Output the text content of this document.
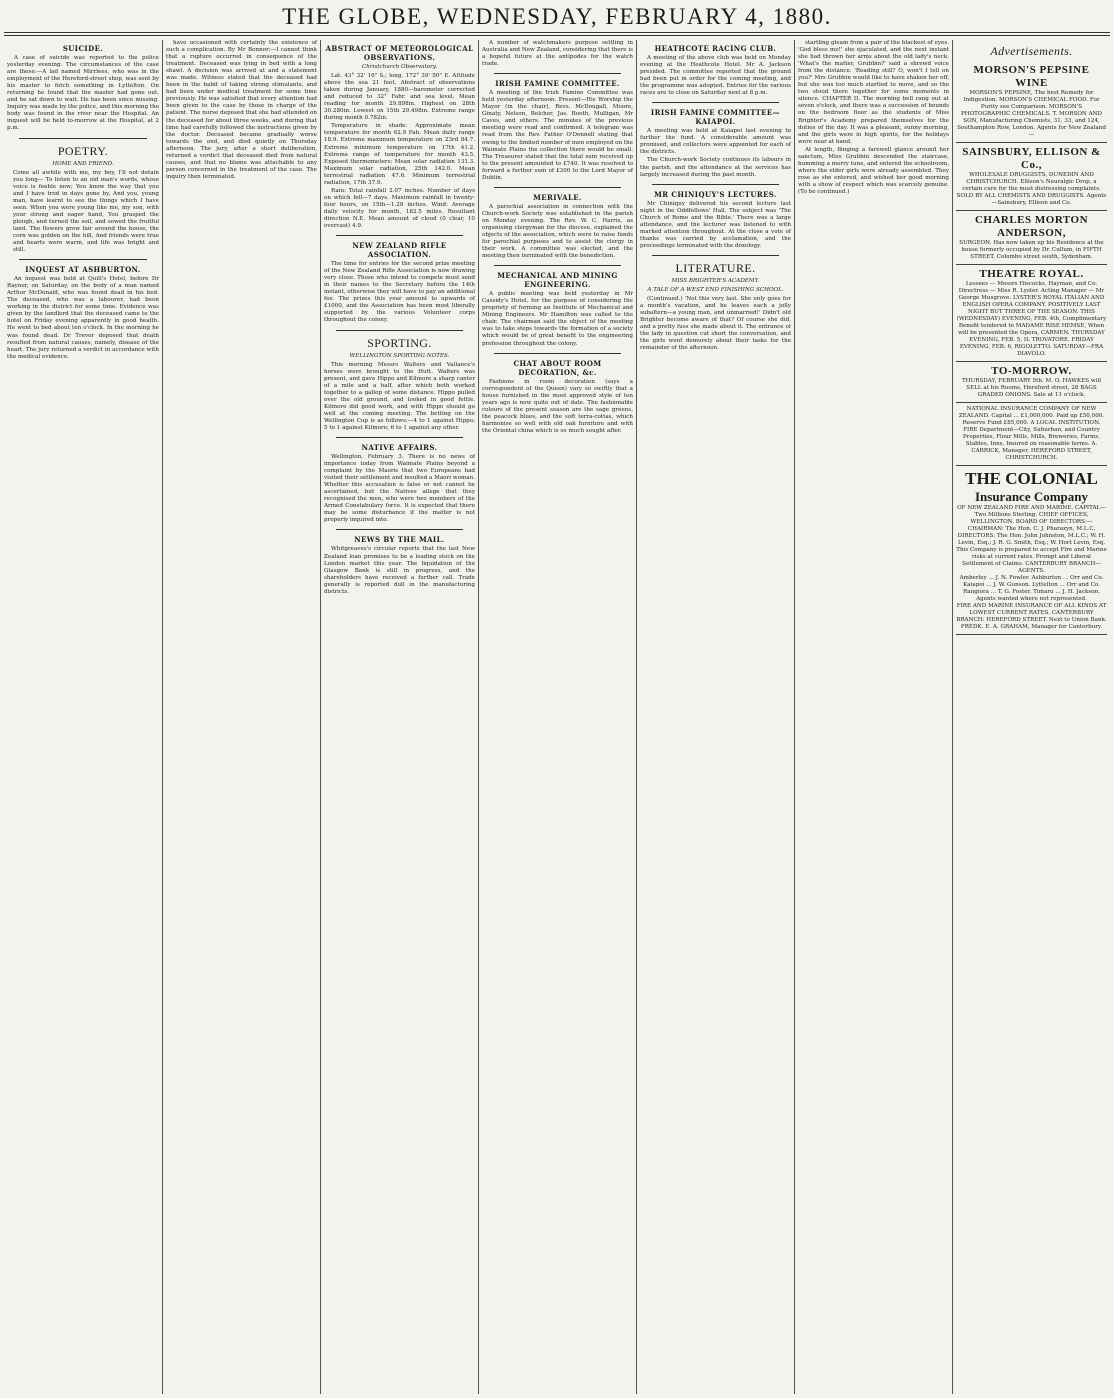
THE GLOBE, WEDNESDAY, FEBRUARY 4, 1880.
SUICIDE.
A case of suicide was reported to the police yesterday evening. The circumstances of the case are these:—A lad named Mirrlees, who was in the employment of the Hereford-street shop, was sent by his master to fetch something in Lyttelton. On returning he found that the master had gone out, and he sat down to wait. He has been since missing. Inquiry was made by the police, and this morning the body was found in the river near the Hospital. An inquest will be held to-morrow at the Hospital, at 2 p.m.
POETRY.
HOME AND FRIEND.
Come all awhile with me, my boy, I'll not detain you long— To listen to an old man's words, whose voice is feeble now; You know the way that you and I have trod in days gone by, And you, young man, have learnt to see the things which I have seen. When you were young like me, my son, with your strong and eager hand, You grasped the plough, and turned the soil, and sowed the fruitful land. The flowers grew fair around the house, the corn was golden on the hill, And friends were true and hearts were warm, and life was bright and still.
INQUEST AT ASHBURTON.
An inquest was held at Quill's Hotel, before Dr Rayner, on Saturday, on the body of a man named Arthur McDonald, who was found dead in his bed. The deceased, who was a labourer, had been working in the district for some time. Evidence was given by the landlord that the deceased came to the hotel on Friday evening apparently in good health. He went to bed about ten o'clock. In the morning he was found dead. Dr Trevor deposed that death resulted from natural causes, namely, disease of the heart. The jury returned a verdict in accordance with the medical evidence.
have occasioned with certainty the existence of such a complication. By Mr Bonnor:—I cannot think that a rupture occurred in consequence of the treatment. Deceased was lying in bed with a long shawl. A decision was arrived at and a statement was made. Witness stated that the deceased had been in the habit of taking strong stimulants, and had been under medical treatment for some time previously. He was satisfied that every attention had been given to the case by those in charge of the patient. The nurse deposed that she had attended on the deceased for about three weeks, and during that time had carefully followed the instructions given by the doctor. Deceased became gradually worse towards the end, and died quietly on Thursday afternoon. The jury, after a short deliberation, returned a verdict that deceased died from natural causes, and that no blame was attachable to any person concerned in the treatment of the case. The inquiry then terminated.
ABSTRACT OF METEOROLOGICAL OBSERVATIONS.
Christchurch Observatory.
Lat. 43° 32' 16" S.; long. 172° 39' 50" E. Altitude above the sea 21 feet. Abstract of observations taken during January, 1880—barometer corrected and reduced to 32° Fahr. and sea level. Mean reading for month 29.898in. Highest on 28th 30.280in. Lowest on 15th 29.498in. Extreme range during month 0.782in.
Temperature in shade: Approximate mean temperature for month 62.9 Fah. Mean daily range 18.9. Extreme maximum temperature on 23rd 84.7. Extreme minimum temperature on 17th 41.2. Extreme range of temperature for month 43.5. Exposed thermometers: Mean solar radiation 131.3. Maximum solar radiation, 25th 142.0. Mean terrestrial radiation 47.6. Minimum terrestrial radiation, 17th 37.9.
Rain: Total rainfall 2.07 inches. Number of days on which fell—7 days. Maximum rainfall in twenty-four hours, on 15th—1.28 inches. Wind: Average daily velocity for month, 182.5 miles. Resultant direction N.E. Mean amount of cloud (0 clear, 10 overcast) 4.9.
NEW ZEALAND RIFLE ASSOCIATION.
The time for entries for the second prize meeting of the New Zealand Rifle Association is now drawing very close. Those who intend to compete must send in their names to the Secretary before the 14th instant, otherwise they will have to pay an additional fee. The prizes this year amount to upwards of £1000, and the Association has been most liberally supported by the various Volunteer corps throughout the colony.
SPORTING.
WELLINGTON SPORTING NOTES.
This morning Messrs Walters and Vallance's horses were brought to the Hutt. Walters was present, and gave Hippo and Kilmore a sharp canter of a mile and a half, after which both worked together to a gallop of some distance. Hippo pulled over the old ground, and looked in good fettle. Kilmore did good work, and with Hippo should go well at the coming meeting. The betting on the Wellington Cup is as follows:—4 to 1 against Hippo; 5 to 1 against Kilmore; 6 to 1 against any other.
NATIVE AFFAIRS.
Wellington, February 3. There is no news of importance today from Waimate Plains beyond a complaint by the Maoris that two Europeans had visited their settlement and insulted a Maori woman. Whether this accusation is false or not cannot be ascertained, but the Natives allege that they recognised the men, who were two members of the Armed Constabulary force. It is expected that there may be some disturbance if the matter is not properly inquired into.
NEWS BY THE MAIL.
Whitgreaves's circular reports that the last New Zealand loan promises to be a leading stock on the London market this year. The liquidation of the Glasgow Bank is still in progress, and the shareholders have received a further call. Trade generally is reported dull in the manufacturing districts.
A number of watchmakers purpose settling in Australia and New Zealand, considering that there is a hopeful future at the antipodes for the watch trade.
IRISH FAMINE COMMITTEE.
A meeting of the Irish Famine Committee was held yesterday afternoon. Present—His Worship the Mayor (in the chair), Revs. McDougall, Moore, Ginaty, Nelson, Belcher, Jas. Booth, Mulligan, Mr Caves, and others. The minutes of the previous meeting were read and confirmed. A telegram was read from the Rev. Father O'Donnell stating that owing to the limited number of men employed on the Waimate Plains the collection there would be small. The Treasurer stated that the total sum received up to the present amounted to £740. It was resolved to forward a further sum of £300 to the Lord Mayor of Dublin.
MERIVALE.
A parochial association in connection with the Church-work Society was established in the parish on Monday evening. The Rev. W. C. Harris, as organising clergyman for the diocese, explained the objects of the association, which were to raise funds for parochial purposes and to assist the clergy in their work. A committee was elected, and the meeting then terminated with the benediction.
MECHANICAL AND MINING ENGINEERING.
A public meeting was held yesterday in Mr Cassidy's Hotel, for the purpose of considering the propriety of forming an Institute of Mechanical and Mining Engineers. Mr Hamilton was called to the chair. The chairman said the object of the meeting was to take steps towards the formation of a society which would be of great benefit to the engineering profession throughout the colony.
CHAT ABOUT ROOM DECORATION, &c.
Fashions in room decoration (says a correspondent of the Queen) vary so swiftly that a house furnished in the most approved style of ten years ago is now quite out of date. The fashionable colours of the present season are the sage greens, the peacock blues, and the soft terra-cottas, which harmonise so well with old oak furniture and with the Oriental china which is so much sought after.
HEATHCOTE RACING CLUB.
A meeting of the above club was held on Monday evening at the Heathcote Hotel. Mr A. Jackson presided. The committee reported that the ground had been put in order for the coming meeting, and the programme was adopted. Entries for the various races are to close on Saturday next at 8 p.m.
IRISH FAMINE COMMITTEE—KAIAPOI.
A meeting was held at Kaiapoi last evening to further the fund. A considerable amount was promised, and collectors were appointed for each of the districts.
The Church-work Society continues its labours in the parish, and the attendance at the services has largely increased during the past month.
MR CHINIQUY'S LECTURES.
Mr Chiniquy delivered his second lecture last night in the Oddfellows' Hall. The subject was 'The Church of Rome and the Bible.' There was a large attendance, and the lecturer was listened to with marked attention throughout. At the close a vote of thanks was carried by acclamation, and the proceedings terminated with the doxology.
LITERATURE.
MISS BRIGHTER'S ACADEMY.
A TALE OF A WEST END FINISHING SCHOOL.
(Continued.) 'Not this very last. She only goes for a month's vacation, and he leaves each a jolly subaltern—a young man, and unmarried!' Didn't old Brighter become aware of that? Of course she did, and a pretty fuss she made about it. The entrance of the lady in question cut short the conversation, and the girls went demurely about their tasks for the remainder of the afternoon.
startling gleam from a pair of the blackest of eyes. 'God bless me!' she ejaculated, and the next instant she had thrown her arms about the old lady's neck. 'What's the matter, Grubbin?' said a shrewd voice from the distance. 'Reading still? O, won't I tell on you?' Mrs Grubbin would like to have shaken her off, but she was too much startled to move, and so the two stood there together for some moments in silence. CHAPTER II. The morning bell rang out at seven o'clock, and there was a succession of bounds on the bedroom floor as the students of Miss Brighter's Academy prepared themselves for the duties of the day. It was a pleasant, sunny morning, and the girls were in high spirits, for the holidays were near at hand.
At length, flinging a farewell glance around her sanctum, Miss Grubbin descended the staircase, humming a merry tune, and entered the schoolroom, where the elder girls were already assembled. They rose as she entered, and wished her good morning with a show of respect which was scarcely genuine. (To be continued.)
Advertisements.
MORSON'S PEPSINE WINE
MORSON'S PEPSINE, The best Remedy for Indigestion. MORSON'S CHEMICAL FOOD. For Purity see Comparison. MORSON'S PHOTOGRAPHIC CHEMICALS. T. MORSON AND SON, Manufacturing Chemists, 31, 33, and 124, Southampton Row, London. Agents for New Zealand—
SAINSBURY, ELLISON & Co.,
WHOLESALE DRUGGISTS, DUNEDIN AND CHRISTCHURCH. Ellison's Neuralgic Drop, a certain cure for the most distressing complaints. SOLD BY ALL CHEMISTS AND DRUGGISTS. Agents—Sainsbury, Ellison and Co.
CHARLES MORTON ANDERSON,
SURGEON. Has now taken up his Residence at the house formerly occupied by Dr. Cullum, in FIFTH STREET, Colombo street south, Sydenham.
THEATRE ROYAL.
Lessees — Messrs Hiscocks, Hayman, and Co. Directress — Miss R. Lyster. Acting Manager — Mr George Musgrove. LYSTER'S ROYAL ITALIAN AND ENGLISH OPERA COMPANY. POSITIVELY LAST NIGHT BUT THREE OF THE SEASON. THIS (WEDNESDAY) EVENING, FEB. 4th, Complimentary Benefit tendered to MADAME RISE HEMSE, When will be presented the Opera, CARMEN. THURSDAY EVENING, FEB. 5, IL TROVATORE. FRIDAY EVENING, FEB. 6, RIGOLETTO. SATURDAY—FRA DIAVOLO.
TO-MORROW.
THURSDAY, FEBRUARY 5th. M. O. HAWKES will SELL at his Rooms, Hereford street, 28 BAGS GRADED ONIONS. Sale at 11 o'clock.
NATIONAL INSURANCE COMPANY OF NEW ZEALAND. Capital ... £1,000,000. Paid up £50,000. Reserve Fund £85,000. A LOCAL INSTITUTION. FIRE Department—City, Suburban, and Country Properties, Flour Mills, Mills, Breweries, Farms, Stables, Inns, Insured on reasonable terms. A. CARRICK, Manager, HEREFORD STREET, CHRISTCHURCH.
THE COLONIAL
Insurance Company
OF NEW ZEALAND FIRE AND MARINE. CAPITAL— Two Millions Sterling. CHIEF OFFICES, WELLINGTON. BOARD OF DIRECTORS:— CHAIRMAN: The Hon. C. J. Pharazyn, M.L.C. DIRECTORS: The Hon. John Johnston, M.L.C.; W. H. Levin, Esq.; J. R. G. Smith, Esq.; W. Hort Levin, Esq. This Company is prepared to accept Fire and Marine risks at current rates. Prompt and Liberal Settlement of Claims. CANTERBURY BRANCH—AGENTS.
Amberley ... J. N. Fowler. Ashburton ... Orr and Co. Kaiapoi ... J. W. Gunson. Lyttelton ... Orr and Co. Rangiora ... T. G. Foster. Timaru ... J. H. Jackson. Agents wanted where not represented.
FIRE AND MARINE INSURANCE OF ALL KINDS AT LOWEST CURRENT RATES. CANTERBURY BRANCH: HEREFORD STREET. Next to Union Bank. FREDK. E. A. GRAHAM, Manager for Canterbury.
